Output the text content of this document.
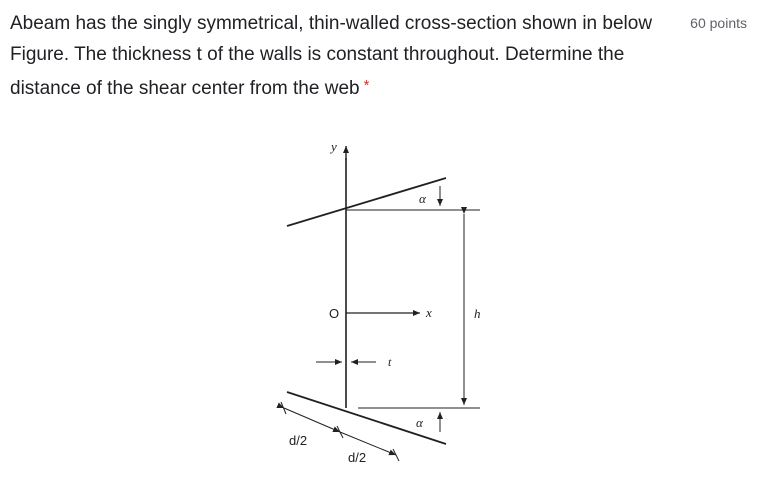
Abeam has the singly symmetrical, thin-walled cross-section shown in below Figure. The thickness t of the walls is constant throughout. Determine the distance of the shear center from the web *

60 points
y
x
O
t
h
α
α
d/2
d/2
